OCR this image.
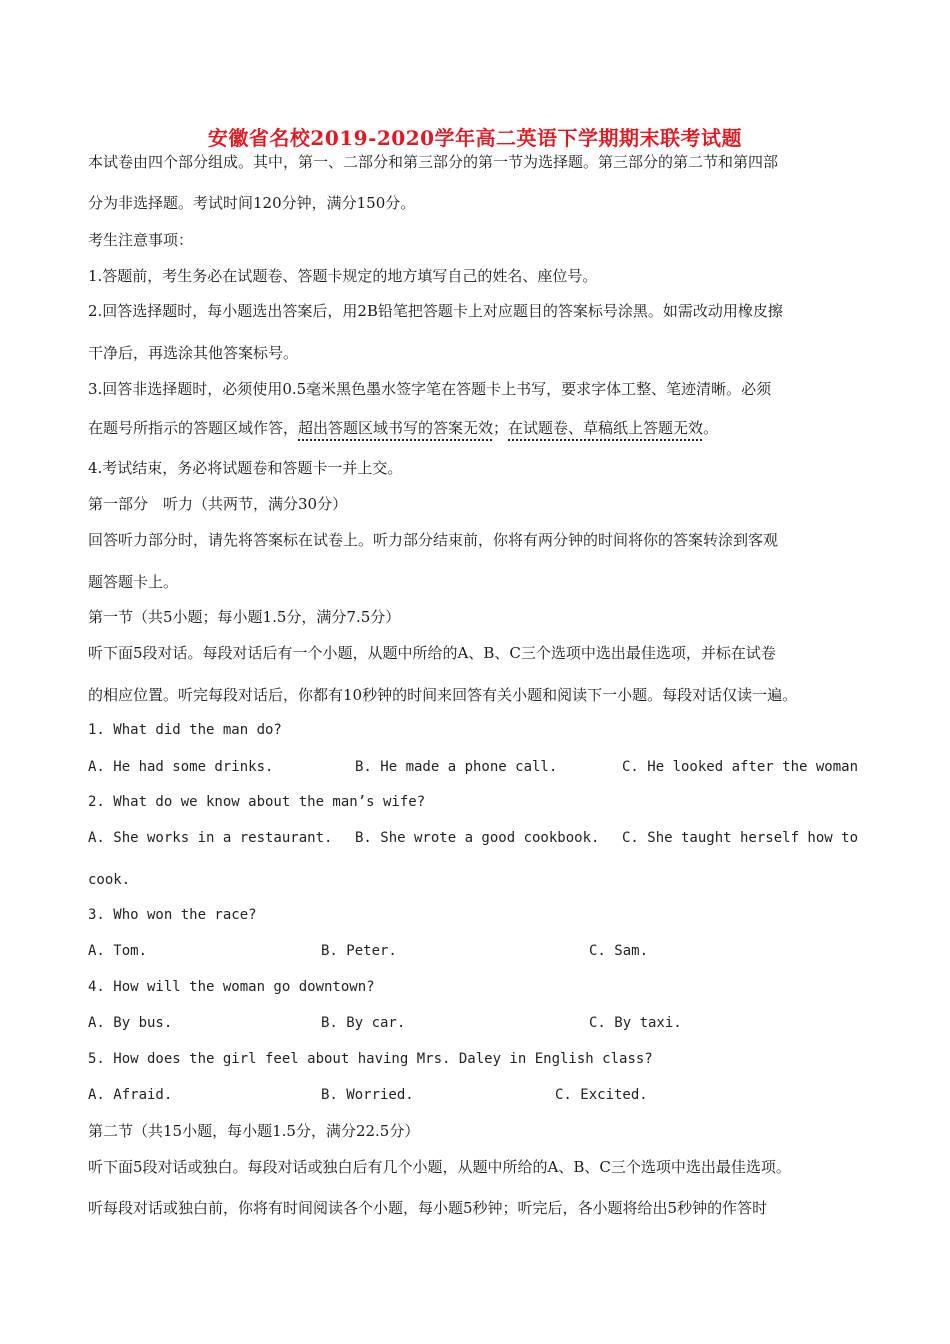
安徽省名校2019-2020学年高二英语下学期期末联考试题
本试卷由四个部分组成。其中，第一、二部分和第三部分的第一节为选择题。第三部分的第二节和第四部
分为非选择题。考试时间120分钟，满分150分。
考生注意事项：
1.答题前，考生务必在试题卷、答题卡规定的地方填写自己的姓名、座位号。
2.回答选择题时，每小题选出答案后，用2B铅笔把答题卡上对应题目的答案标号涂黑。如需改动用橡皮擦
干净后，再选涂其他答案标号。
3.回答非选择题时，必须使用0.5毫米黑色墨水签字笔在答题卡上书写，要求字体工整、笔迹清晰。必须
在题号所指示的答题区域作答，超出答题区域书写的答案无效；在试题卷、草稿纸上答题无效。
4.考试结束，务必将试题卷和答题卡一并上交。
第一部分　听力（共两节，满分30分）
回答听力部分时，请先将答案标在试卷上。听力部分结束前，你将有两分钟的时间将你的答案转涂到客观
题答题卡上。
第一节（共5小题；每小题1.5分，满分7.5分）
听下面5段对话。每段对话后有一个小题，从题中所给的A、B、C三个选项中选出最佳选项，并标在试卷
的相应位置。听完每段对话后，你都有10秒钟的时间来回答有关小题和阅读下一小题。每段对话仅读一遍。
1. What did the man do?
A. He had some drinks.	B. He made a phone call.	C. He looked after the woman
2. What do we know about the man’s wife?
A. She works in a restaurant. B. She wrote a good cookbook. C. She taught herself how to
cook.
3. Who won the race?
A. Tom.	B. Peter.	C. Sam.
4. How will the woman go downtown?
A. By bus.	B. By car.	C. By taxi.
5. How does the girl feel about having Mrs. Daley in English class?
A. Afraid.	B. Worried.	C. Excited.
第二节（共15小题，每小题1.5分，满分22.5分）
听下面5段对话或独白。每段对话或独白后有几个小题，从题中所给的A、B、C三个选项中选出最佳选项。
听每段对话或独白前，你将有时间阅读各个小题，每小题5秒钟；听完后，各小题将给出5秒钟的作答时
